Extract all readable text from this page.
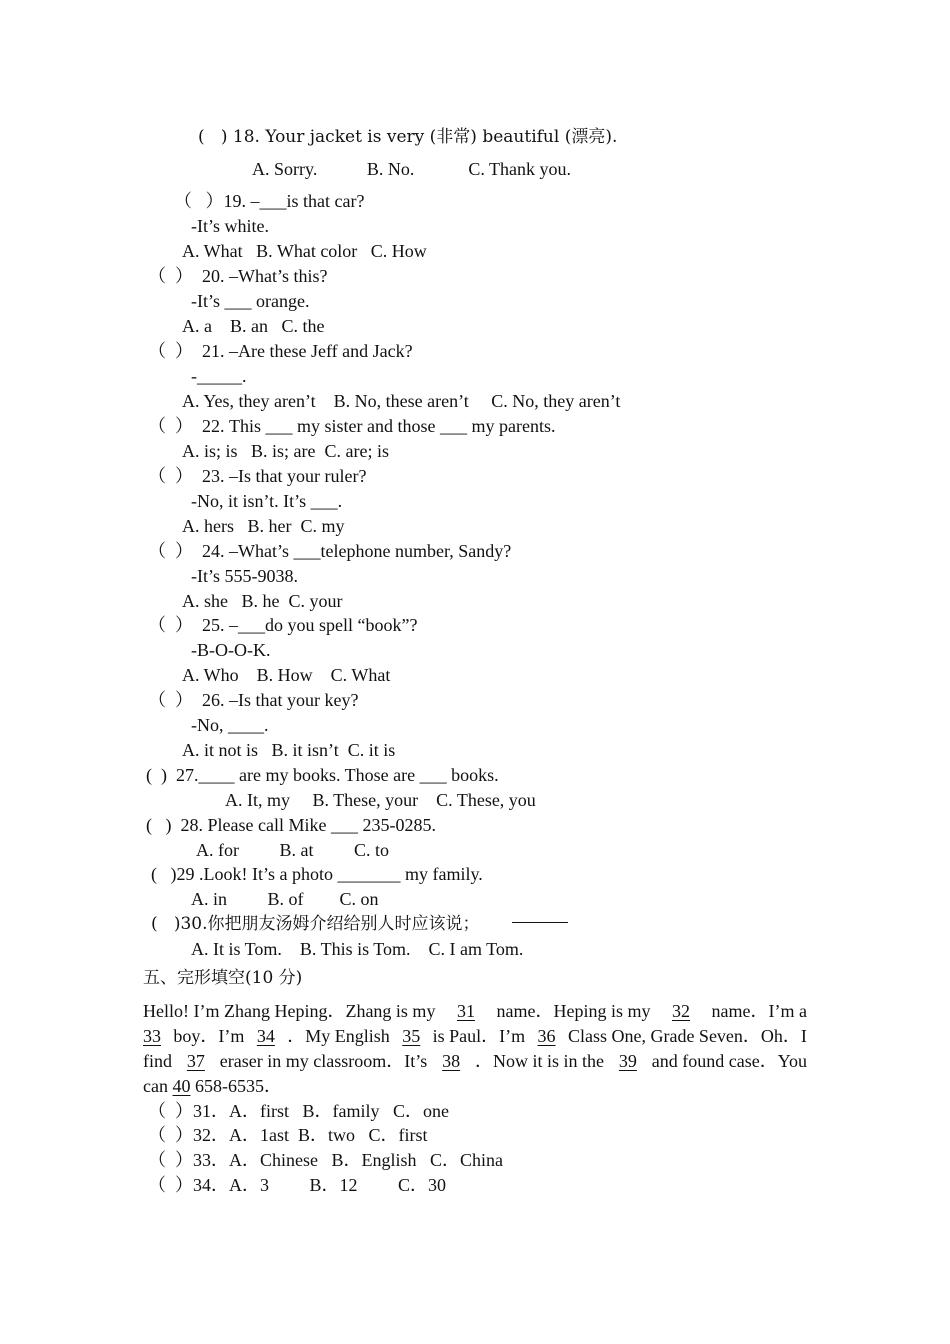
(   ) 18. Your jacket is very (非常) beautiful (漂亮).
A. Sorry.           B. No.            C. Thank you.
（   ）19. –___is that car?
-It’s white.
A. What   B. What color   C. How
（  ）  20. –What’s this?
-It’s ___ orange.
A. a    B. an   C. the
（  ）  21. –Are these Jeff and Jack?
-_____.
A. Yes, they aren’t    B. No, these aren’t     C. No, they aren’t
（  ）  22. This ___ my sister and those ___ my parents.
A. is; is   B. is; are  C. are; is
（  ）  23. –Is that your ruler?
-No, it isn’t. It’s ___.
A. hers   B. her  C. my
（  ）  24. –What’s ___telephone number, Sandy?
-It’s 555-9038.
A. she   B. he  C. your
（  ）  25. –___do you spell “book”?
-B-O-O-K.
A. Who    B. How    C. What
（  ）  26. –Is that your key?
-No, ____.
A. it not is   B. it isn’t  C. it is
(  )  27.____ are my books. Those are ___ books.
A. It, my     B. These, your    C. These, you
(   )  28. Please call Mike ___ 235-0285.
A. for         B. at         C. to
(   )29 .Look! It’s a photo _______ my family.
A. in         B. of        C. on
(   )30.你把朋友汤姆介绍给别人时应该说；
A. It is Tom.    B. This is Tom.    C. I am Tom.
五、完形填空(10 分)
Hello! I’m Zhang Heping．Zhang is my 31 name．Heping is my 32 name．I’m a
33 boy．I’m 34 ．My English 35 is Paul．I’m 36 Class One, Grade Seven．Oh．I
find 37 eraser in my classroom．It’s 38 ．Now it is in the 39 and found case．You
can 40 658-6535．
（  ）31．A．first   B．family   C．one
（  ）32．A．1ast  B．two   C．first
（  ）33．A．Chinese   B．English   C．China
（  ）34．A．3         B．12         C．30
